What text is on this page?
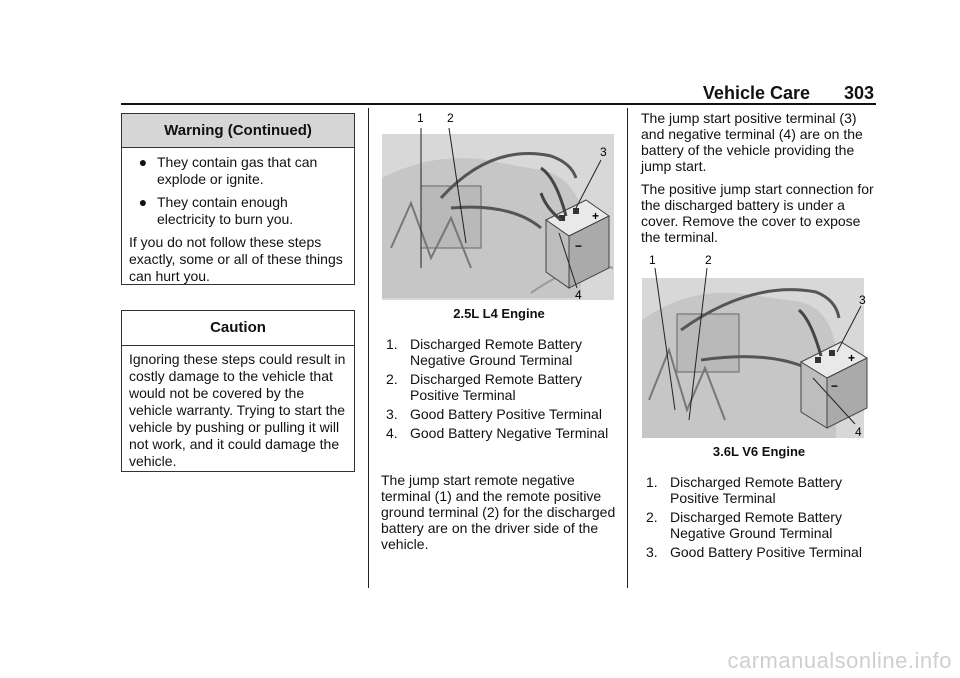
Vehicle Care 303
Warning (Continued)
● They contain gas that can explode or ignite.
● They contain enough electricity to burn you.

If you do not follow these steps exactly, some or all of these things can hurt you.

Caution

Ignoring these steps could result in costly damage to the vehicle that would not be covered by the vehicle warranty. Trying to start the vehicle by pushing or pulling it will not work, and it could damage the vehicle.

+
−
1 2
3
4
2.5L L4 Engine
1. Discharged Remote Battery Negative Ground Terminal
2. Discharged Remote Battery Positive Terminal
3. Good Battery Positive Terminal
4. Good Battery Negative Terminal

The jump start remote negative terminal (1) and the remote positive ground terminal (2) for the discharged battery are on the driver side of the vehicle.

The jump start positive terminal (3) and negative terminal (4) are on the battery of the vehicle providing the jump start.

The positive jump start connection for the discharged battery is under a cover. Remove the cover to expose the terminal.

+
−
1	2
3
4
3.6L V6 Engine
1. Discharged Remote Battery Positive Terminal
2. Discharged Remote Battery Negative Ground Terminal
3. Good Battery Positive Terminal
carmanualsonline.info
